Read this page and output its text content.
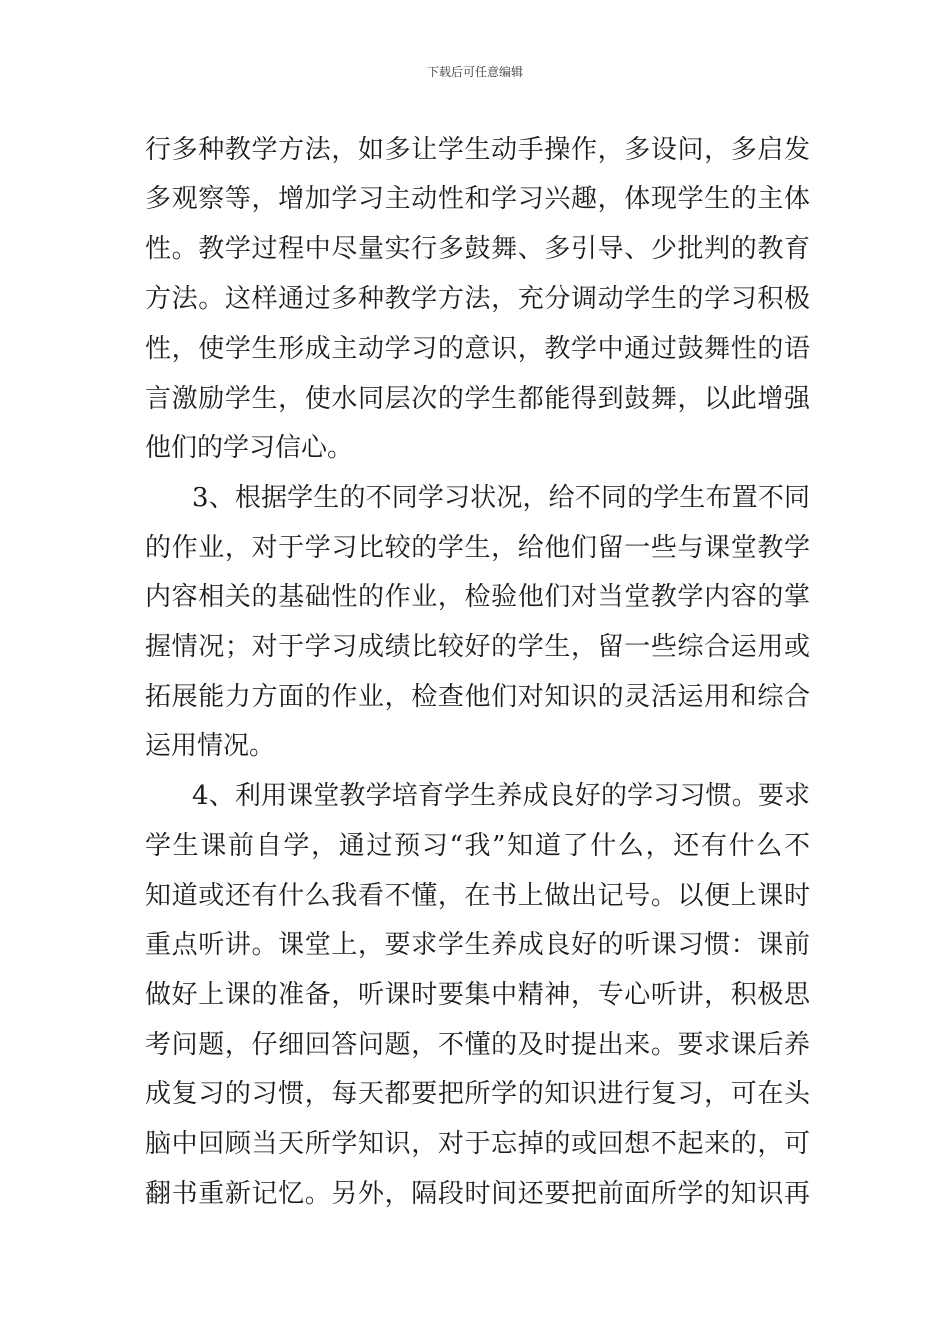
下载后可任意编辑
行多种教学方法，如多让学生动手操作，多设问，多启发
多观察等，增加学习主动性和学习兴趣，体现学生的主体
性。教学过程中尽量实行多鼓舞、多引导、少批判的教育
方法。这样通过多种教学方法，充分调动学生的学习积极
性，使学生形成主动学习的意识，教学中通过鼓舞性的语
言激励学生，使水同层次的学生都能得到鼓舞，以此增强
他们的学习信心。
3、根据学生的不同学习状况，给不同的学生布置不同
的作业，对于学习比较的学生，给他们留一些与课堂教学
内容相关的基础性的作业，检验他们对当堂教学内容的掌
握情况；对于学习成绩比较好的学生，留一些综合运用或
拓展能力方面的作业，检查他们对知识的灵活运用和综合
运用情况。
4、利用课堂教学培育学生养成良好的学习习惯。要求
学生课前自学，通过预习“我”知道了什么，还有什么不
知道或还有什么我看不懂，在书上做出记号。以便上课时
重点听讲。课堂上，要求学生养成良好的听课习惯：课前
做好上课的准备，听课时要集中精神，专心听讲，积极思
考问题，仔细回答问题，不懂的及时提出来。要求课后养
成复习的习惯，每天都要把所学的知识进行复习，可在头
脑中回顾当天所学知识，对于忘掉的或回想不起来的，可
翻书重新记忆。另外，隔段时间还要把前面所学的知识再
